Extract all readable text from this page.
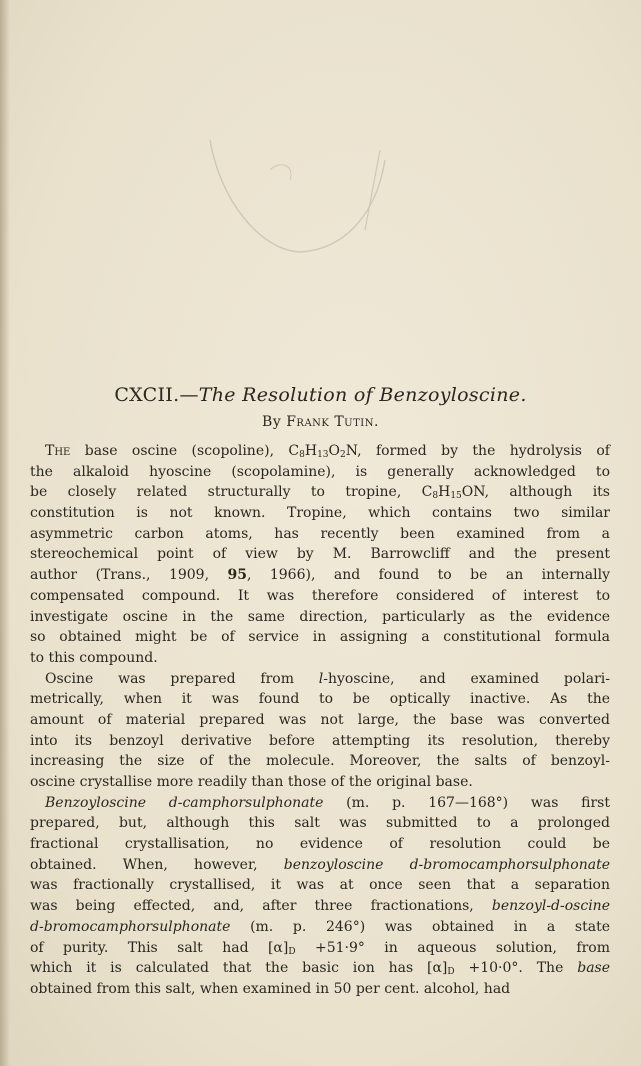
CXCII.—The Resolution of Benzoyloscine.
By Frank Tutin.
The base oscine (scopoline), $C_8H_{13}O_2N$, formed by the hydrolysis of
the alkaloid hyoscine (scopolamine), is generally acknowledged to
be closely related structurally to tropine, $C_8H_{15}ON$, although its
constitution is not known. Tropine, which contains two similar
asymmetric carbon atoms, has recently been examined from a
stereochemical point of view by M. Barrowcliff and the present
author (Trans., 1909, 95, 1966), and found to be an internally
compensated compound. It was therefore considered of interest to
investigate oscine in the same direction, particularly as the evidence
so obtained might be of service in assigning a constitutional formula
to this compound.
Oscine was prepared from l-hyoscine, and examined polari-
metrically, when it was found to be optically inactive. As the
amount of material prepared was not large, the base was converted
into its benzoyl derivative before attempting its resolution, thereby
increasing the size of the molecule. Moreover, the salts of benzoyl-
oscine crystallise more readily than those of the original base.
Benzoyloscine d-camphorsulphonate (m. p. 167—168°) was first
prepared, but, although this salt was submitted to a prolonged
fractional crystallisation, no evidence of resolution could be
obtained. When, however, benzoyloscine d-bromocamphorsulphonate
was fractionally crystallised, it was at once seen that a separation
was being effected, and, after three fractionations, benzoyl-d-oscine
d-bromocamphorsulphonate (m. p. 246°) was obtained in a state
of purity. This salt had $[\alpha]_D +51\cdot 9^\circ$ in aqueous solution, from
which it is calculated that the basic ion has $[\alpha]_D +10\cdot 0^\circ$. The base
obtained from this salt, when examined in 50 per cent. alcohol, had
